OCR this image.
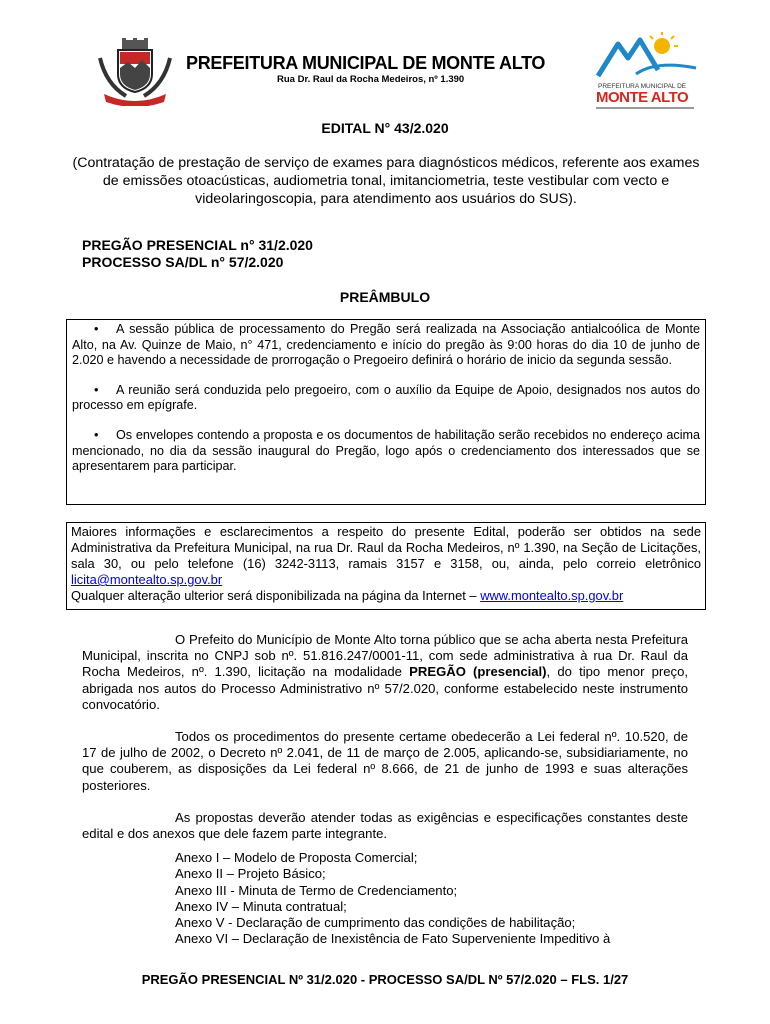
PREFEITURA MUNICIPAL DE MONTE ALTO
Rua Dr. Raul da Rocha Medeiros, nº 1.390
PREFEITURA MUNICIPAL DE
MONTE ALTO
EDITAL N° 43/2.020
(Contratação de prestação de serviço de exames para diagnósticos médicos, referente aos exames de emissões otoacústicas, audiometria tonal, imitanciometria, teste vestibular com vecto e videolaringoscopia, para atendimento aos usuários do SUS).
PREGÃO PRESENCIAL n° 31/2.020
PROCESSO SA/DL n° 57/2.020
PREÂMBULO

• A sessão pública de processamento do Pregão será realizada na Associação antialcoólica de Monte Alto, na Av. Quinze de Maio, n° 471, credenciamento e início do pregão às 9:00 horas do dia 10 de junho de 2.020 e havendo a necessidade de prorrogação o Pregoeiro definirá o horário de inicio da segunda sessão.

• A reunião será conduzida pelo pregoeiro, com o auxílio da Equipe de Apoio, designados nos autos do processo em epígrafe.

• Os envelopes contendo a proposta e os documentos de habilitação serão recebidos no endereço acima mencionado, no dia da sessão inaugural do Pregão, logo após o credenciamento dos interessados que se apresentarem para participar.

Maiores informações e esclarecimentos a respeito do presente Edital, poderão ser obtidos na sede Administrativa da Prefeitura Municipal, na rua Dr. Raul da Rocha Medeiros, nº 1.390, na Seção de Licitações, sala 30, ou pelo telefone (16) 3242-3113, ramais 3157 e 3158, ou, ainda, pelo correio eletrônico licita@montealto.sp.gov.br
Qualquer alteração ulterior será disponibilizada na página da Internet – www.montealto.sp.gov.br

O Prefeito do Município de Monte Alto torna público que se acha aberta nesta Prefeitura Municipal, inscrita no CNPJ sob nº. 51.816.247/0001-11, com sede administrativa à rua Dr. Raul da Rocha Medeiros, nº. 1.390, licitação na modalidade PREGÃO (presencial), do tipo menor preço, abrigada nos autos do Processo Administrativo nº 57/2.020, conforme estabelecido neste instrumento convocatório.

Todos os procedimentos do presente certame obedecerão a Lei federal nº. 10.520, de 17 de julho de 2002, o Decreto nº 2.041, de 11 de março de 2.005, aplicando-se, subsidiariamente, no que couberem, as disposições da Lei federal nº 8.666, de 21 de junho de 1993 e suas alterações posteriores.

As propostas deverão atender todas as exigências e especificações constantes deste edital e dos anexos que dele fazem parte integrante.

Anexo I – Modelo de Proposta Comercial;
Anexo II – Projeto Básico;
Anexo III - Minuta de Termo de Credenciamento;
Anexo IV – Minuta contratual;
Anexo V - Declaração de cumprimento das condições de habilitação;
Anexo VI – Declaração de Inexistência de Fato Superveniente Impeditivo à
PREGÃO PRESENCIAL Nº 31/2.020 - PROCESSO SA/DL Nº 57/2.020 – FLS. 1/27
